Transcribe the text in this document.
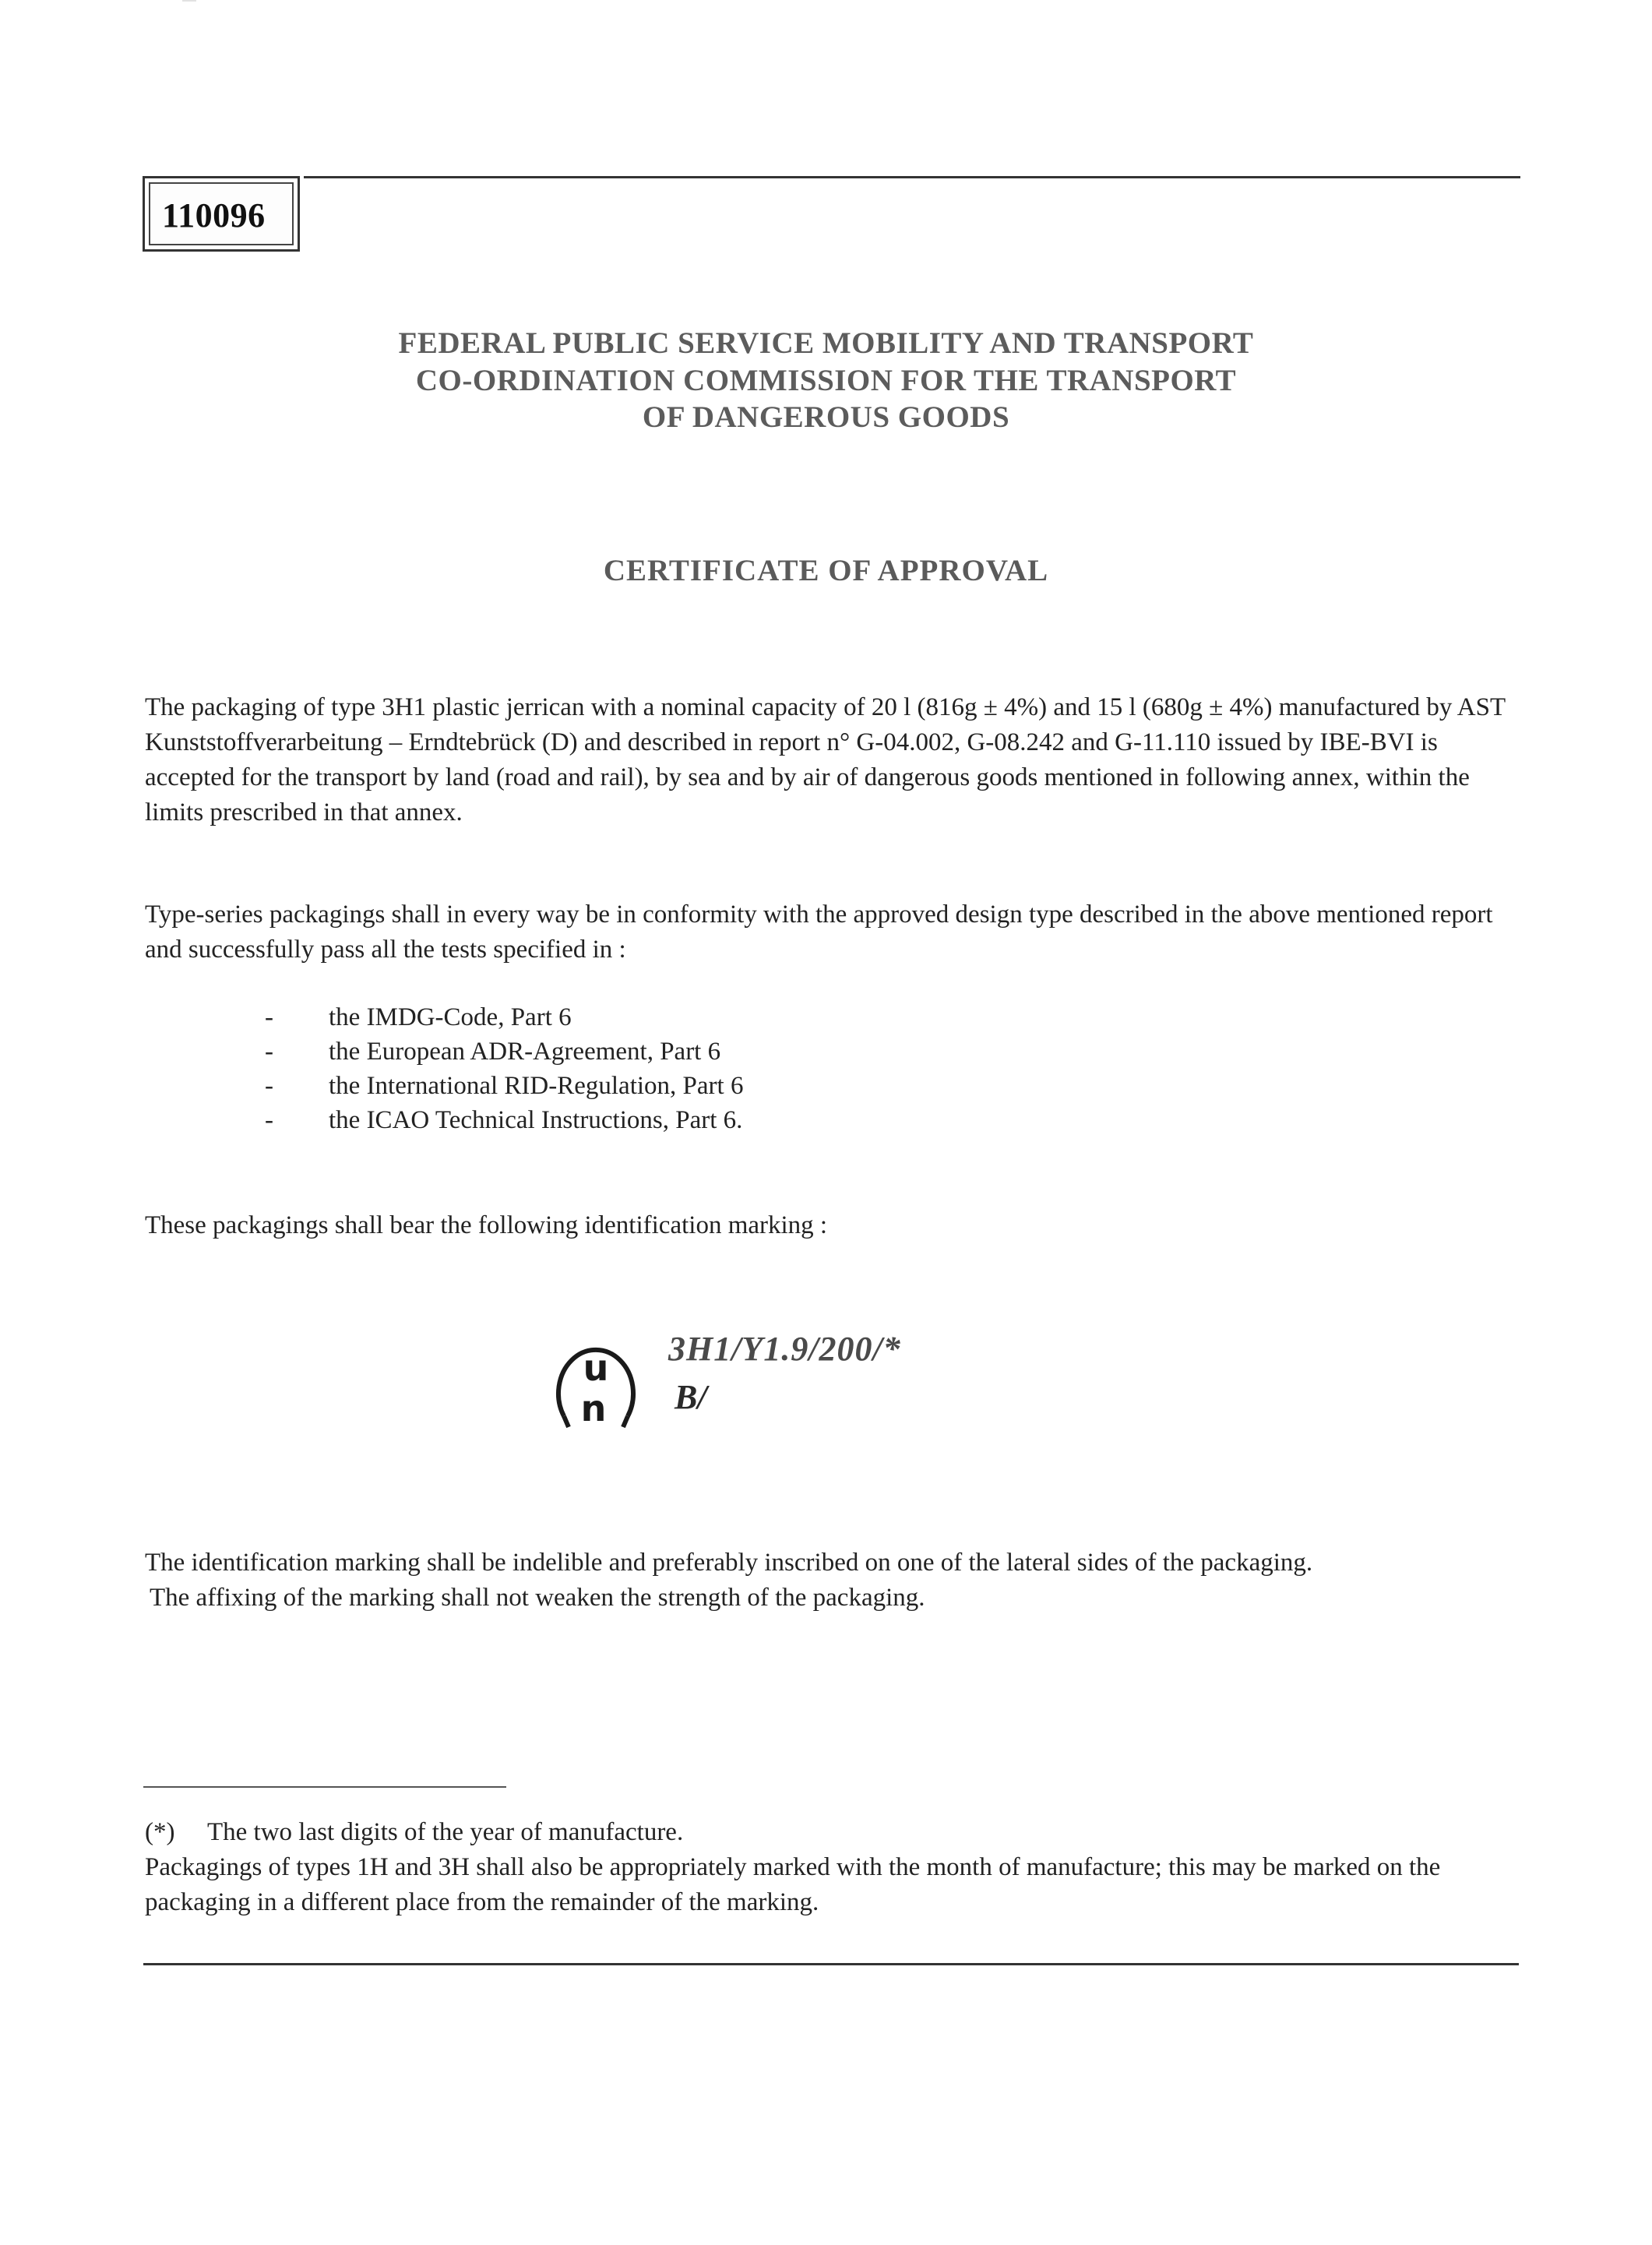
110096
FEDERAL PUBLIC SERVICE MOBILITY AND TRANSPORT
CO-ORDINATION COMMISSION FOR THE TRANSPORT
OF DANGEROUS GOODS
CERTIFICATE OF APPROVAL
The packaging of type 3H1 plastic jerrican with a nominal capacity of 20 l (816g ± 4%) and 15 l (680g ± 4%) manufactured by AST Kunststoffverarbeitung – Erndtebrück (D) and described in report n° G-04.002, G-08.242 and G-11.110 issued by IBE-BVI is accepted for the transport by land (road and rail), by sea and by air of dangerous goods mentioned in following annex, within the limits prescribed in that annex.
Type-series packagings shall in every way be in conformity with the approved design type described in the above mentioned report and successfully pass all the tests specified in :
- the IMDG-Code, Part 6
- the European ADR-Agreement, Part 6
- the International RID-Regulation, Part 6
- the ICAO Technical Instructions, Part 6.
These packagings shall bear the following identification marking :
u
n
3H1/Y1.9/200/*
B/
The identification marking shall be indelible and preferably inscribed on one of the lateral sides of the packaging.
The affixing of the marking shall not weaken the strength of the packaging.
(*) The two last digits of the year of manufacture.
Packagings of types 1H and 3H shall also be appropriately marked with the month of manufacture; this may be marked on the packaging in a different place from the remainder of the marking.
